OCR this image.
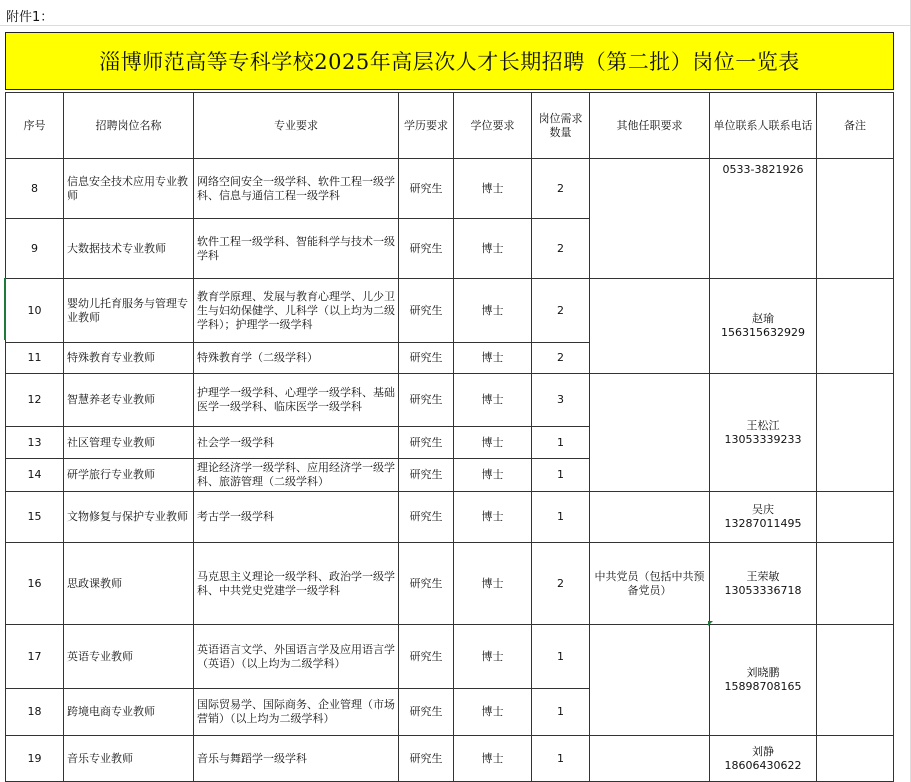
附件1：
淄博师范高等专科学校2025年高层次人才长期招聘（第二批）岗位一览表
序号	招聘岗位名称	专业要求	学历要求	学位要求	岗位需求数量	其他任职要求	单位联系人联系电话	备注
8	信息安全技术应用专业教师	网络空间安全一级学科、软件工程一级学科、信息与通信工程一级学科	研究生	博士	2		0533-3821926	

9	大数据技术专业教师	软件工程一级学科、智能科学与技术一级学科	研究生	博士	2			
10	婴幼儿托育服务与管理专业教师	教育学原理、发展与教育心理学、儿少卫生与妇幼保健学、儿科学（以上均为二级学科）；护理学一级学科	研究生	博士	2		赵瑜
15631563292​9	

11	特殊教育专业教师	特殊教育学（二级学科）	研究生	博士	2			
12	智慧养老专业教师	护理学一级学科、心理学一级学科、基础医学一级学科、临床医学一级学科	研究生	博士	3		王松江
13053339233	

13	社区管理专业教师	社会学一级学科	研究生	博士	1			
14	研学旅行专业教师	理论经济学一级学科、应用经济学一级学科、旅游管理（二级学科）	研究生	博士	1			
15	文物修复与保护专业教师	考古学一级学科	研究生	博士	1		吴庆
13287011495	

16	思政课教师	马克思主义理论一级学科、政治学一级学科、中共党史党建学一级学科	研究生	博士	2	中共党员（包括中共预备党员）	王荣敏
13053336718	

17	英语专业教师	英语语言文学、外国语言学及应用语言学（英语）（以上均为二级学科）	研究生	博士	1		刘晓鹏
15898708165	

18	跨境电商专业教师	国际贸易学、国际商务、企业管理（市场营销）（以上均为二级学科）	研究生	博士	1			
19	音乐专业教师	音乐与舞蹈学一级学科	研究生	博士	1		刘静
18606430622	
